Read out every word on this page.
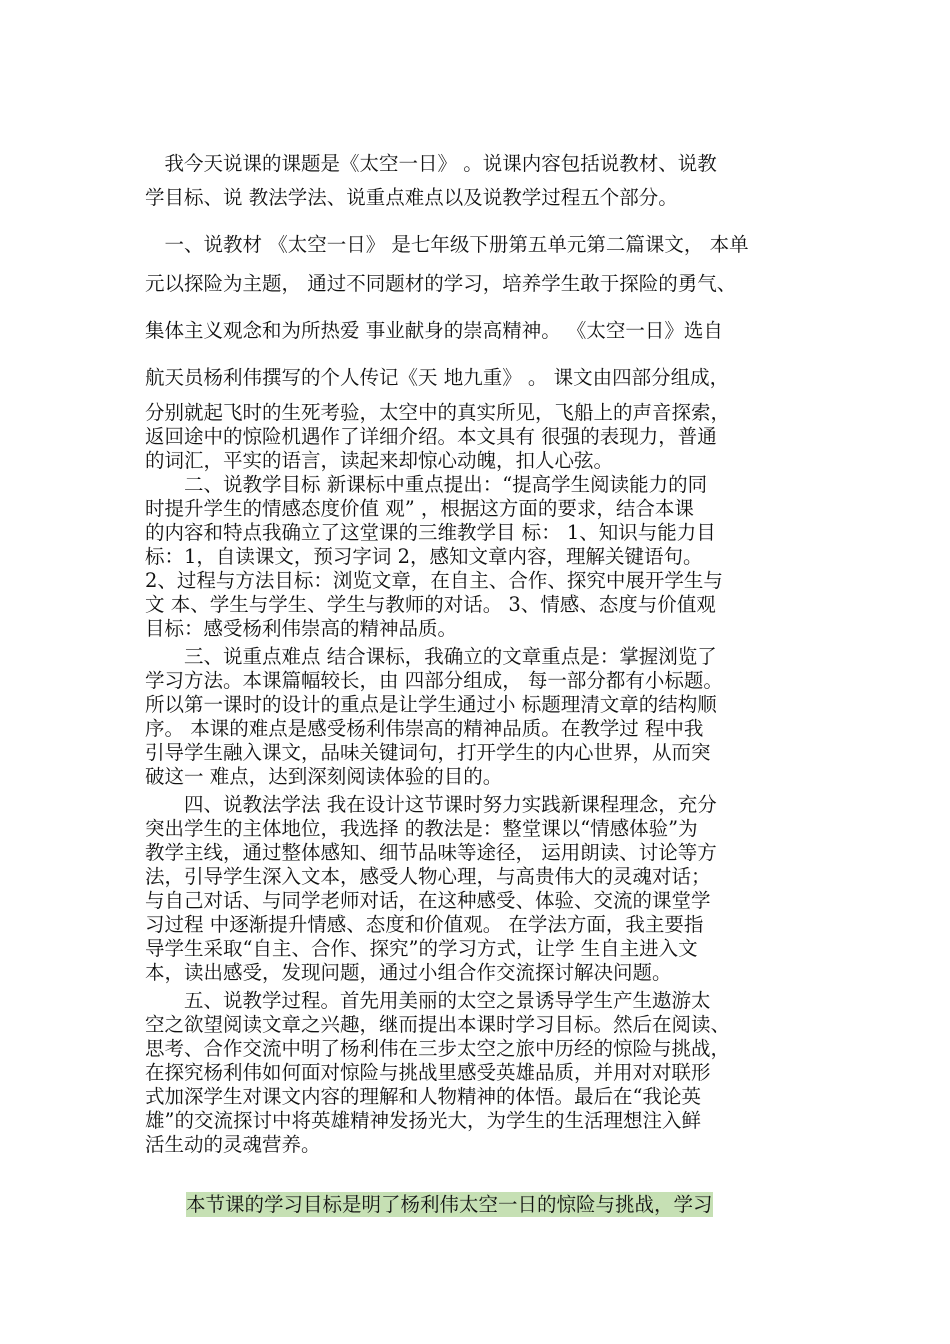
　我今天说课的课题是《太空一日》 。说课内容包括说教材、说教
学目标、说 教法学法、说重点难点以及说教学过程五个部分。
　一、说教材 《太空一日》 是七年级下册第五单元第二篇课文， 本单
元以探险为主题， 通过不同题材的学习，培养学生敢于探险的勇气、
集体主义观念和为所热爱 事业献身的崇高精神。 《太空一日》选自
航天员杨利伟撰写的个人传记《天 地九重》 。 课文由四部分组成，
分别就起飞时的生死考验，太空中的真实所见，飞船上的声音探索，
返回途中的惊险机遇作了详细介绍。本文具有 很强的表现力，普通
的词汇，平实的语言，读起来却惊心动魄，扣人心弦。
　　二、说教学目标 新课标中重点提出：“提高学生阅读能力的同
时提升学生的情感态度价值 观” ，根据这方面的要求，结合本课
的内容和特点我确立了这堂课的三维教学目 标： 1、知识与能力目
标：1，自读课文，预习字词 2，感知文章内容，理解关键语句。
2、过程与方法目标：浏览文章，在自主、合作、探究中展开学生与
文 本、学生与学生、学生与教师的对话。 3、情感、态度与价值观
目标：感受杨利伟崇高的精神品质。
　　三、说重点难点 结合课标，我确立的文章重点是：掌握浏览了
学习方法。本课篇幅较长，由 四部分组成， 每一部分都有小标题。
所以第一课时的设计的重点是让学生通过小 标题理清文章的结构顺
序。 本课的难点是感受杨利伟崇高的精神品质。在教学过 程中我
引导学生融入课文，品味关键词句，打开学生的内心世界，从而突
破这一 难点，达到深刻阅读体验的目的。
　　四、说教法学法 我在设计这节课时努力实践新课程理念，充分
突出学生的主体地位，我选择 的教法是：整堂课以“情感体验”为
教学主线，通过整体感知、细节品味等途径， 运用朗读、讨论等方
法，引导学生深入文本，感受人物心理，与高贵伟大的灵魂对话；
与自己对话、与同学老师对话，在这种感受、体验、交流的课堂学
习过程 中逐渐提升情感、态度和价值观。 在学法方面，我主要指
导学生采取“自主、合作、探究”的学习方式，让学 生自主进入文
本，读出感受，发现问题，通过小组合作交流探讨解决问题。
　　五、说教学过程。首先用美丽的太空之景诱导学生产生遨游太
空之欲望阅读文章之兴趣，继而提出本课时学习目标。然后在阅读、
思考、合作交流中明了杨利伟在三步太空之旅中历经的惊险与挑战，
在探究杨利伟如何面对惊险与挑战里感受英雄品质，并用对对联形
式加深学生对课文内容的理解和人物精神的体悟。最后在“我论英
雄”的交流探讨中将英雄精神发扬光大，为学生的生活理想注入鲜
活生动的灵魂营养。
本节课的学习目标是明了杨利伟太空一日的惊险与挑战，学习
